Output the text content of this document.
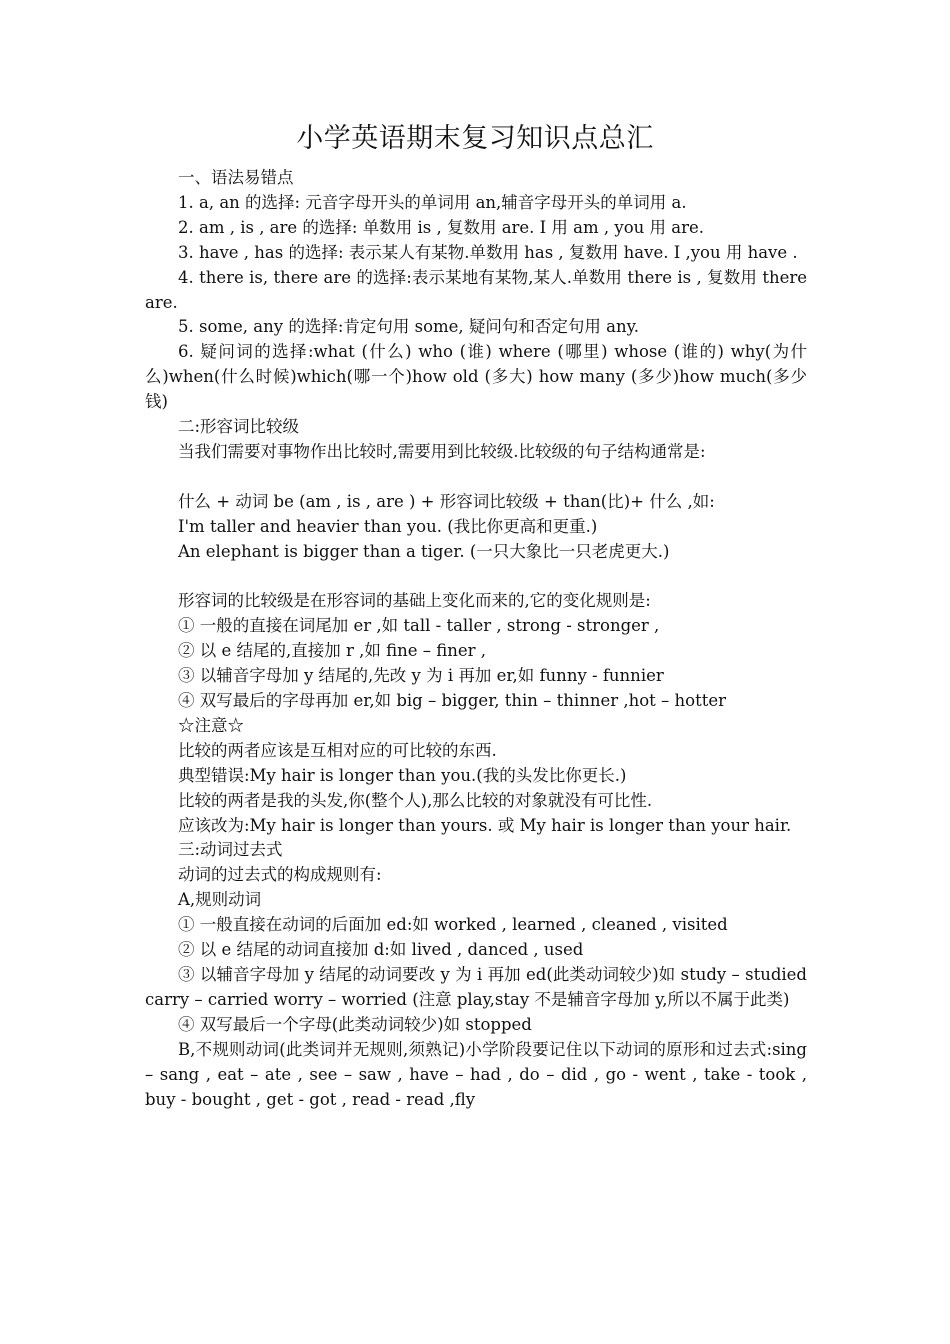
小学英语期末复习知识点总汇

一、语法易错点

1. a, an 的选择: 元音字母开头的单词用 an,辅音字母开头的单词用 a.

2. am , is , are 的选择: 单数用 is , 复数用 are. I 用 am , you 用 are.

3. have , has 的选择: 表示某人有某物.单数用 has , 复数用 have. I ,you 用 have .

4. there is, there are 的选择:表示某地有某物,某人.单数用 there is , 复数用 there are.

5. some, any 的选择:肯定句用 some, 疑问句和否定句用 any.

6. 疑问词的选择:what (什么) who (谁) where (哪里) whose (谁的) why(为什么)when(什么时候)which(哪一个)how old (多大) how many (多少)how much(多少钱)

二:形容词比较级

当我们需要对事物作出比较时,需要用到比较级.比较级的句子结构通常是:

什么 + 动词 be (am , is , are ) + 形容词比较级 + than(比)+ 什么 ,如:

I'm taller and heavier than you. (我比你更高和更重.)

An elephant is bigger than a tiger. (一只大象比一只老虎更大.)

形容词的比较级是在形容词的基础上变化而来的,它的变化规则是:

① 一般的直接在词尾加 er ,如 tall - taller , strong - stronger ,

② 以 e 结尾的,直接加 r ,如 fine – finer ,

③ 以辅音字母加 y 结尾的,先改 y 为 i 再加 er,如 funny - funnier

④ 双写最后的字母再加 er,如 big – bigger, thin – thinner ,hot – hotter

☆注意☆

比较的两者应该是互相对应的可比较的东西.

典型错误:My hair is longer than you.(我的头发比你更长.)

比较的两者是我的头发,你(整个人),那么比较的对象就没有可比性.

应该改为:My hair is longer than yours. 或 My hair is longer than your hair.

三:动词过去式

动词的过去式的构成规则有:

A,规则动词

① 一般直接在动词的后面加 ed:如 worked , learned , cleaned , visited

② 以 e 结尾的动词直接加 d:如 lived , danced , used

③ 以辅音字母加 y 结尾的动词要改 y 为 i 再加 ed(此类动词较少)如 study – studied carry – carried worry – worried (注意 play,stay 不是辅音字母加 y,所以不属于此类)

④ 双写最后一个字母(此类动词较少)如 stopped

B,不规则动词(此类词并无规则,须熟记)小学阶段要记住以下动词的原形和过去式:sing – sang , eat – ate , see – saw , have – had , do – did , go - went , take - took , buy - bought , get - got , read - read ,fly
